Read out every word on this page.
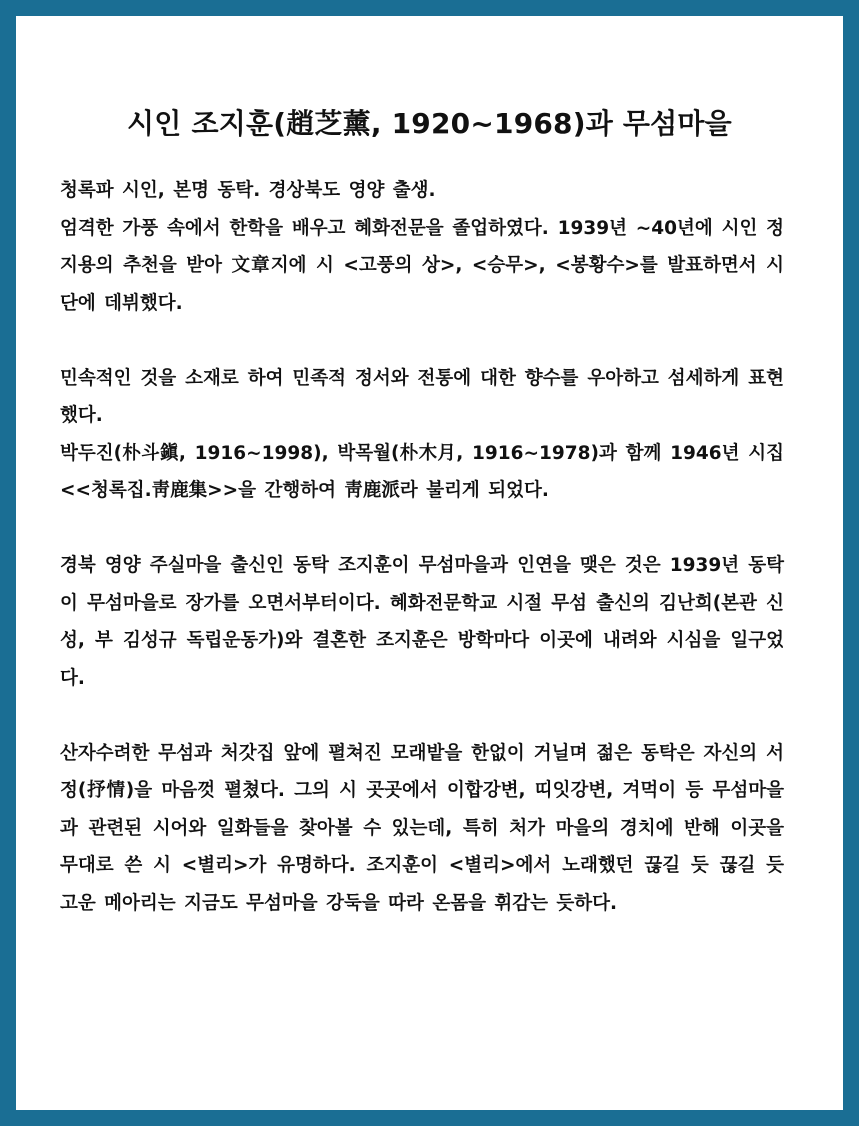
시인 조지훈(趙芝薰, 1920~1968)과 무섬마을
청록파 시인, 본명 동탁. 경상북도 영양 출생.
엄격한 가풍 속에서 한학을 배우고 혜화전문을 졸업하였다. 1939년 ~40년에 시인 정지용의 추천을 받아 文章지에 시 <고풍의 상>, <승무>, <봉황수>를 발표하면서 시단에 데뷔했다.
민속적인 것을 소재로 하여 민족적 정서와 전통에 대한 향수를 우아하고 섬세하게 표현했다.
박두진(朴斗鎭, 1916~1998), 박목월(朴木月, 1916~1978)과 함께 1946년 시집 <<청록집.靑鹿集>>을 간행하여 靑鹿派라 불리게 되었다.
경북 영양 주실마을 출신인 동탁 조지훈이 무섬마을과 인연을 맺은 것은 1939년 동탁이 무섬마을로 장가를 오면서부터이다. 혜화전문학교 시절 무섬 출신의 김난희(본관 신성, 부 김성규 독립운동가)와 결혼한 조지훈은 방학마다 이곳에 내려와 시심을 일구었다.
산자수려한 무섬과 처갓집 앞에 펼쳐진 모래밭을 한없이 거닐며 젊은 동탁은 자신의 서정(抒情)을 마음껏 펼쳤다. 그의 시 곳곳에서 이합강변, 띠잇강변, 겨먹이 등 무섬마을과 관련된 시어와 일화들을 찾아볼 수 있는데, 특히 처가 마을의 경치에 반해 이곳을 무대로 쓴 시 <별리>가 유명하다. 조지훈이 <별리>에서 노래했던 끊길 듯 끊길 듯 고운 메아리는 지금도 무섬마을 강둑을 따라 온몸을 휘감는 듯하다.
